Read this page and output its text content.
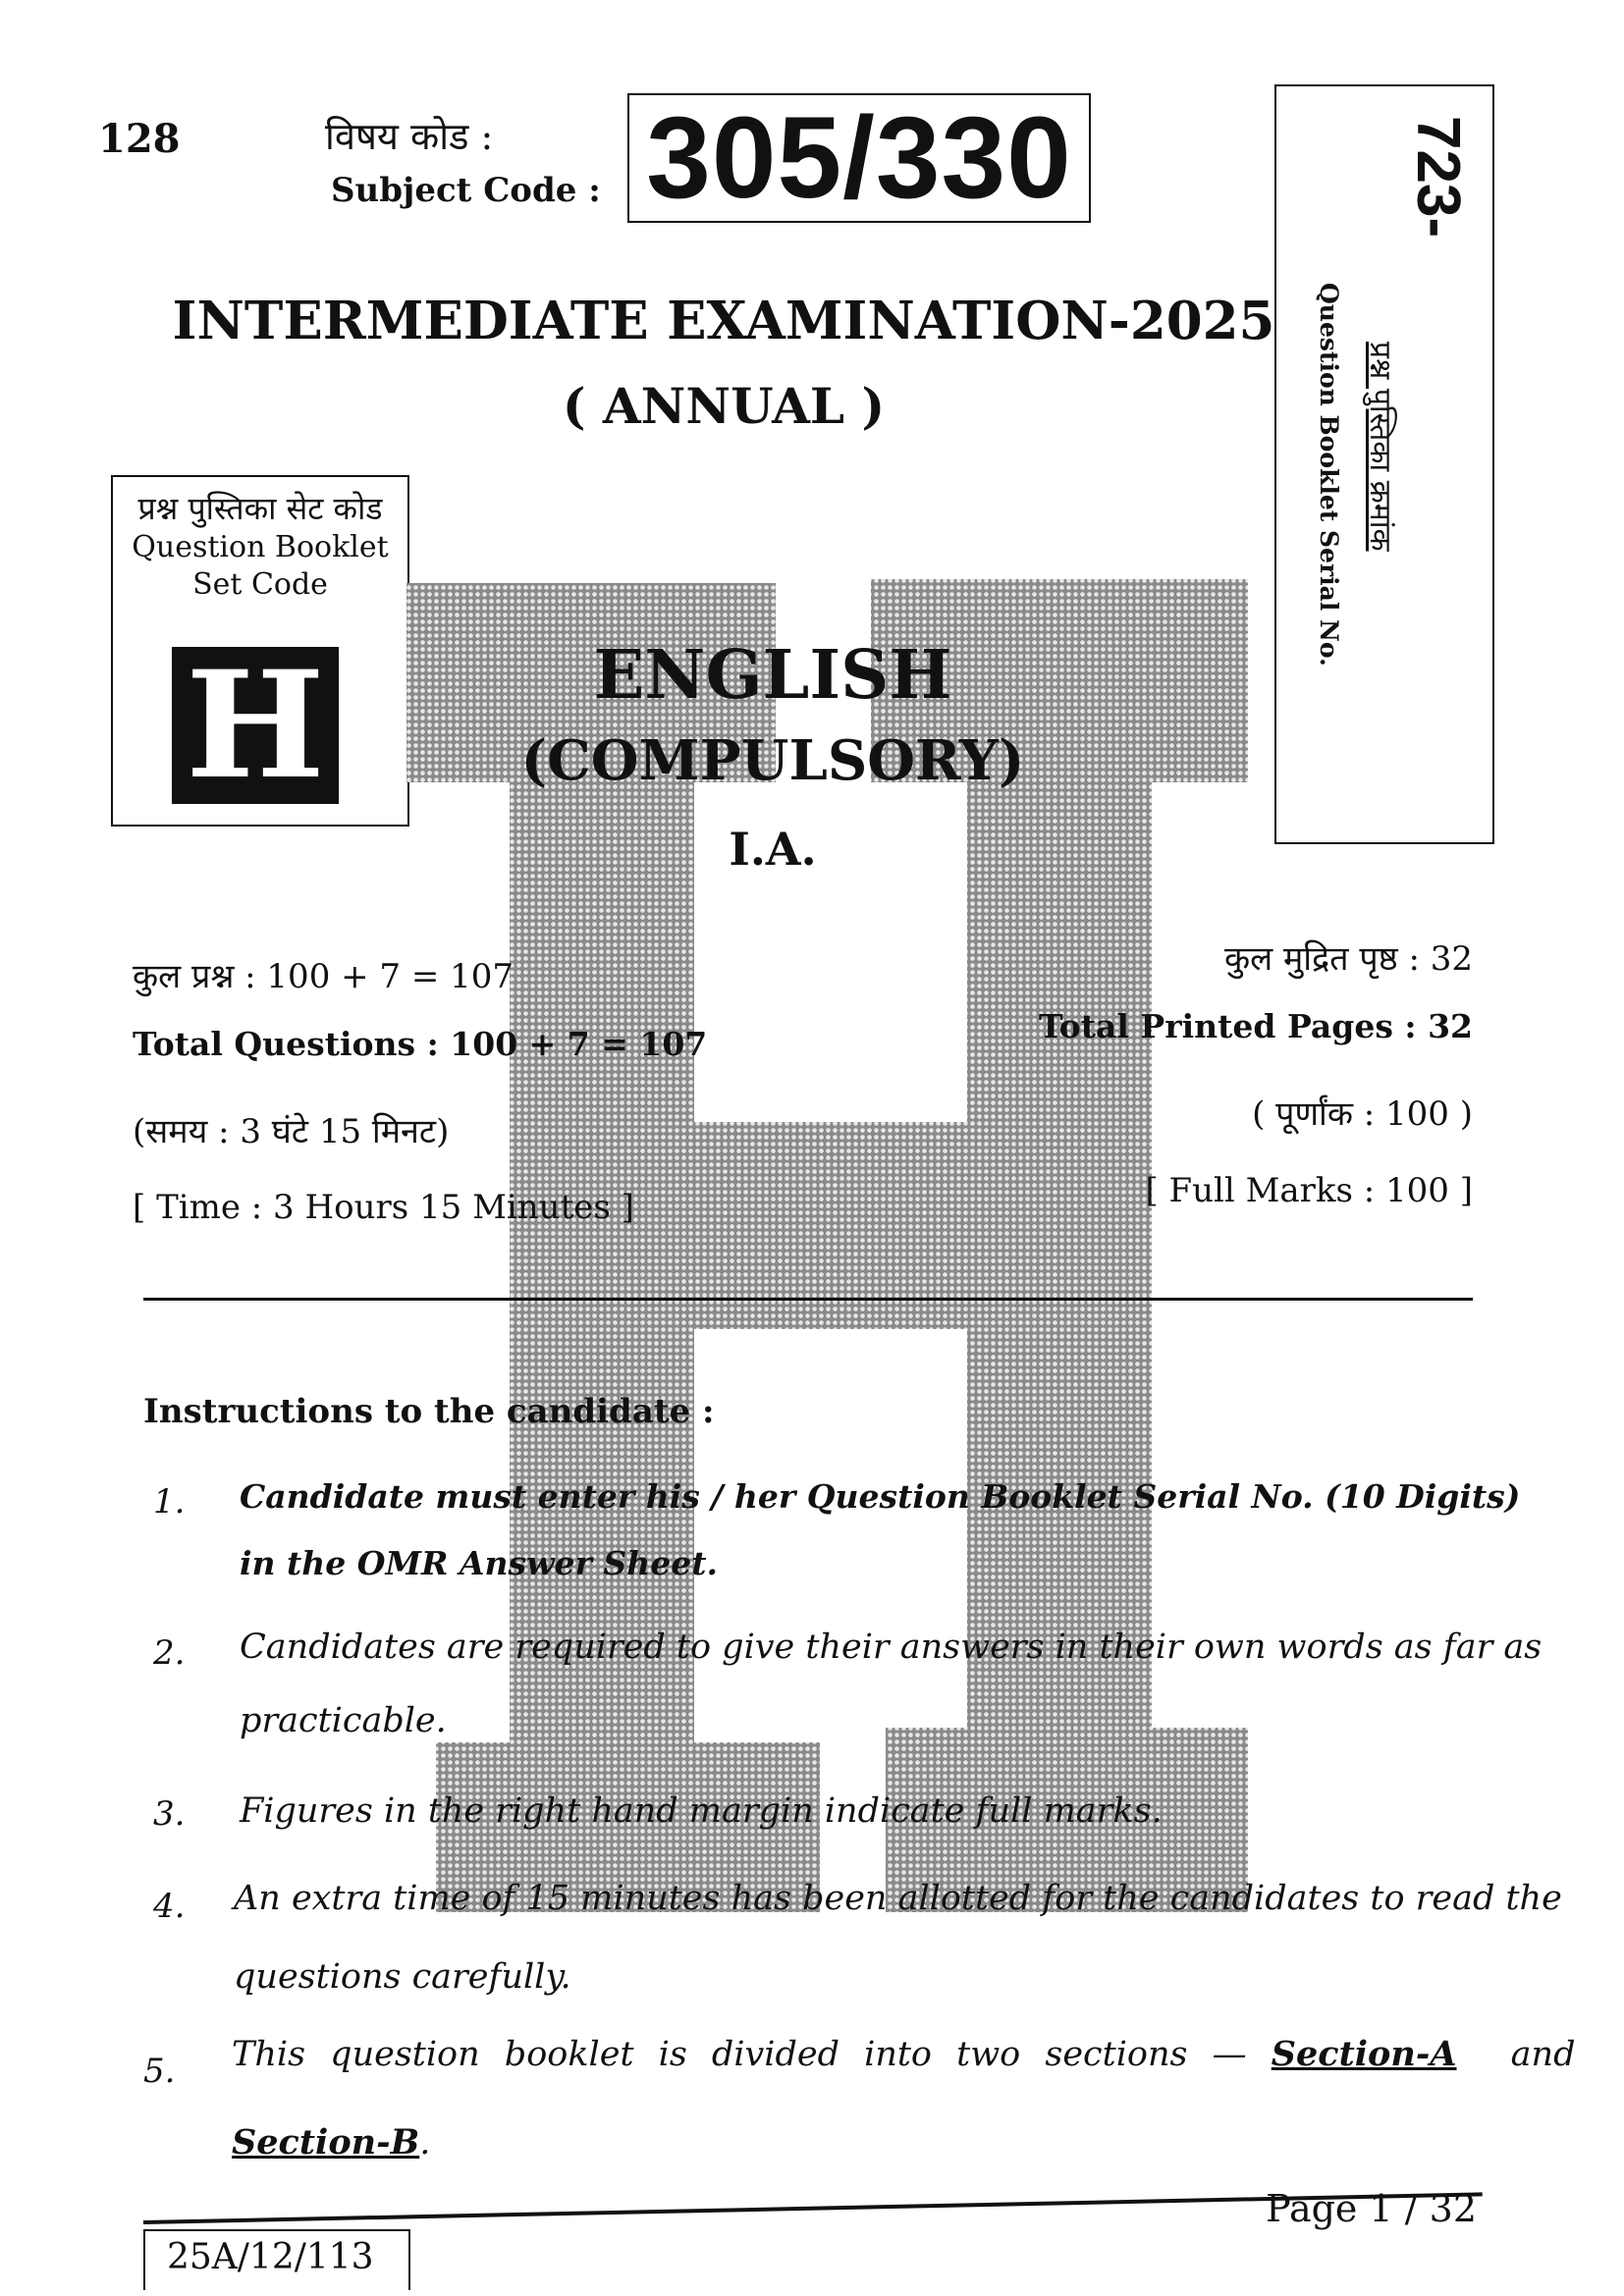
128	विषय कोड :
Subject Code : 305/330
INTERMEDIATE EXAMINATION-2025
( ANNUAL )
प्रश्न पुस्तिका सेट कोड
Question Booklet
Set Code
H
723-
प्रश्न पुस्तिका क्रमांक
Question Booklet Serial No.
ENGLISH
(COMPULSORY)
I.A.
कुल प्रश्न : 100 + 7 = 107
Total Questions : 100 + 7 = 107
(समय : 3 घंटे 15 मिनट)
[ Time : 3 Hours 15 Minutes ]
कुल मुद्रित पृष्ठ : 32
Total Printed Pages : 32
( पूर्णांक : 100 )
[ Full Marks : 100 ]
Instructions to the candidate :
1. Candidate must enter his / her Question Booklet Serial No. (10 Digits)
in the OMR Answer Sheet.
2. Candidates are required to give their answers in their own words as far as
practicable.
3. Figures in the right hand margin indicate full marks.
4. An extra time of 15 minutes has been allotted for the candidates to read the
questions carefully.
5. This question booklet is divided into two sections — Section-A and
Section-B.
Page 1 / 32
25A/12/113
